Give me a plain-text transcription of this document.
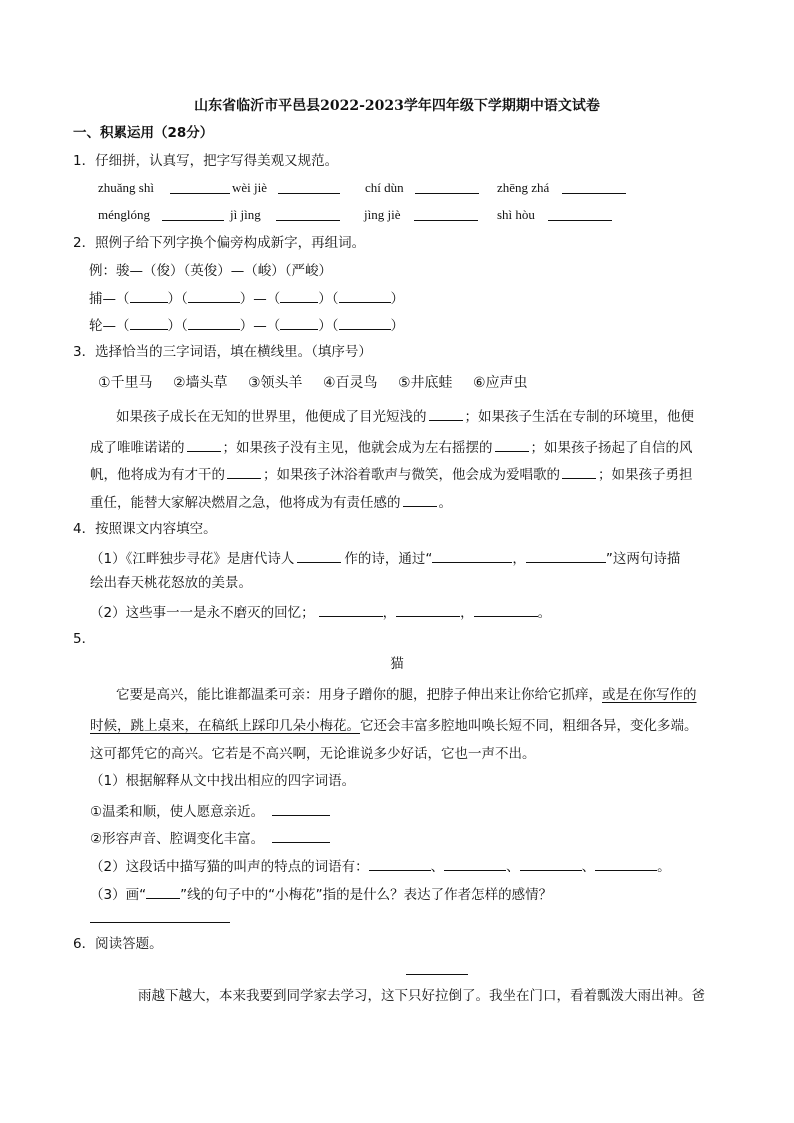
山东省临沂市平邑县2022-2023学年四年级下学期期中语文试卷
一、积累运用（28分）
1．仔细拼，认真写，把字写得美观又规范。
zhuǎng shì	wèi jiè	chí dùn	zhēng zhá
ménglóng	jì jìng	jìng jiè	shì hòu
2．照例子给下列字换个偏旁构成新字，再组词。
例：骏—（俊）（英俊）—（峻）（严峻）
捕—（	）（	）—（	）（	）
轮—（	）（	）—（	）（	）
3．选择恰当的三字词语，填在横线里。（填序号）
①千里马 ②墙头草 ③领头羊 ④百灵鸟 ⑤井底蛙 ⑥应声虫
如果孩子成长在无知的世界里，他便成了目光短浅的	；如果孩子生活在专制的环境里，他便
成了唯唯诺诺的	；如果孩子没有主见，他就会成为左右摇摆的	；如果孩子扬起了自信的风
帆，他将成为有才干的	；如果孩子沐浴着歌声与微笑，他会成为爱唱歌的	；如果孩子勇担
重任，能替大家解决燃眉之急，他将成为有责任感的	。
4．按照课文内容填空。
（1）《江畔独步寻花》是唐代诗人	作的诗，通过“	，	”这两句诗描
绘出春天桃花怒放的美景。
（2）这些事一一是永不磨灭的回忆；	，	，	。
5．
猫
它要是高兴，能比谁都温柔可亲：用身子蹭你的腿，把脖子伸出来让你给它抓痒，或是在你写作的
时候，跳上桌来，在稿纸上踩印几朵小梅花。它还会丰富多腔地叫唤长短不同，粗细各异，变化多端。
这可都凭它的高兴。它若是不高兴啊，无论谁说多少好话，它也一声不出。
（1）根据解释从文中找出相应的四字词语。
①温柔和顺，使人愿意亲近。
②形容声音、腔调变化丰富。
（2）这段话中描写猫的叫声的特点的词语有：	、	、	、	。
（3）画“	”线的句子中的“小梅花”指的是什么？表达了作者怎样的感情？
6．阅读答题。
雨越下越大，本来我要到同学家去学习，这下只好拉倒了。我坐在门口，看着瓢泼大雨出神。爸
